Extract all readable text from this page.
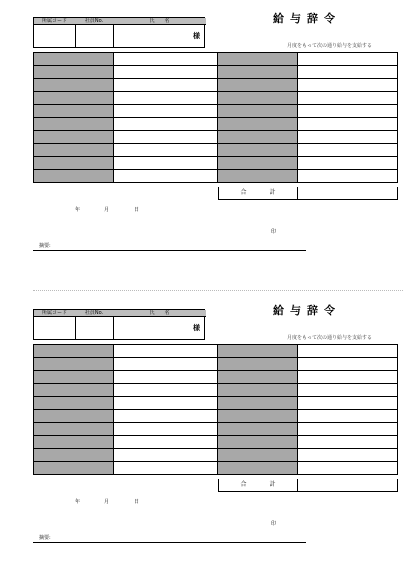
所属コード	社員No.	氏　　名
様
給与辞令
月度をもって次の通り給与を支給する
合	計
年	月	日
印
摘要:
所属コード	社員No.	氏　　名
様
給与辞令
月度をもって次の通り給与を支給する
合	計
年	月	日
印
摘要:
